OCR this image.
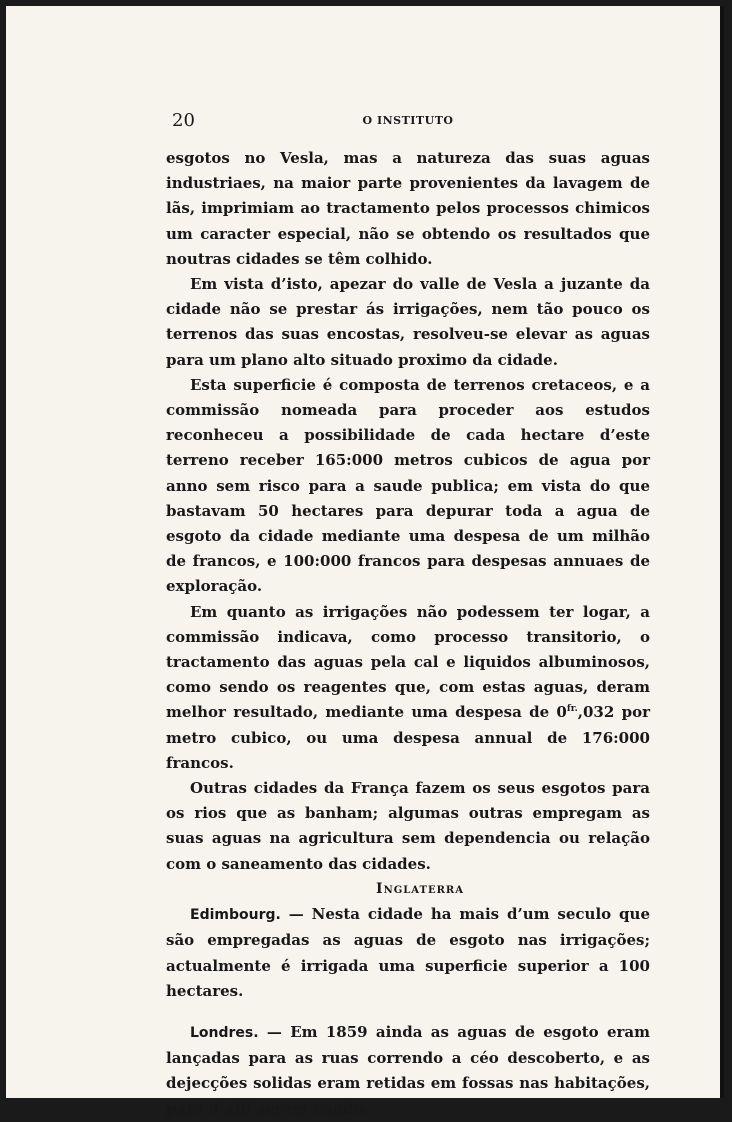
20	O INSTITUTO

esgotos no Vesla, mas a natureza das suas aguas industriaes, na maior parte provenientes da lavagem de lãs, imprimiam ao tractamento pelos processos chimicos um caracter especial, não se obtendo os resultados que noutras cidades se têm colhido.

Em vista d’isto, apezar do valle de Vesla a juzante da cidade não se prestar ás irrigações, nem tão pouco os terrenos das suas encostas, resolveu-se elevar as aguas para um plano alto situado proximo da cidade.

Esta superficie é composta de terrenos cretaceos, e a commissão nomeada para proceder aos estudos reconheceu a possibilidade de cada hectare d’este terreno receber 165:000 metros cubicos de agua por anno sem risco para a saude publica; em vista do que bastavam 50 hectares para depurar toda a agua de esgoto da cidade mediante uma despesa de um milhão de francos, e 100:000 francos para despesas annuaes de exploração.

Em quanto as irrigações não podessem ter logar, a commissão indicava, como processo transitorio, o tractamento das aguas pela cal e liquidos albuminosos, como sendo os reagentes que, com estas aguas, deram melhor resultado, mediante uma despesa de $0^{fr.},032$ por metro cubico, ou uma despesa annual de 176:000 francos.

Outras cidades da França fazem os seus esgotos para os rios que as banham; algumas outras empregam as suas aguas na agricultura sem dependencia ou relação com o saneamento das cidades.

Inglaterra

Edimbourg. — Nesta cidade ha mais d’um seculo que são empregadas as aguas de esgoto nas irrigações; actualmente é irrigada uma superficie superior a 100 hectares.

Londres. — Em 1859 ainda as aguas de esgoto eram lançadas para as ruas correndo a céo descoberto, e as dejecções solidas eram retidas em fossas nas habitações, para d’alli serem condu-
